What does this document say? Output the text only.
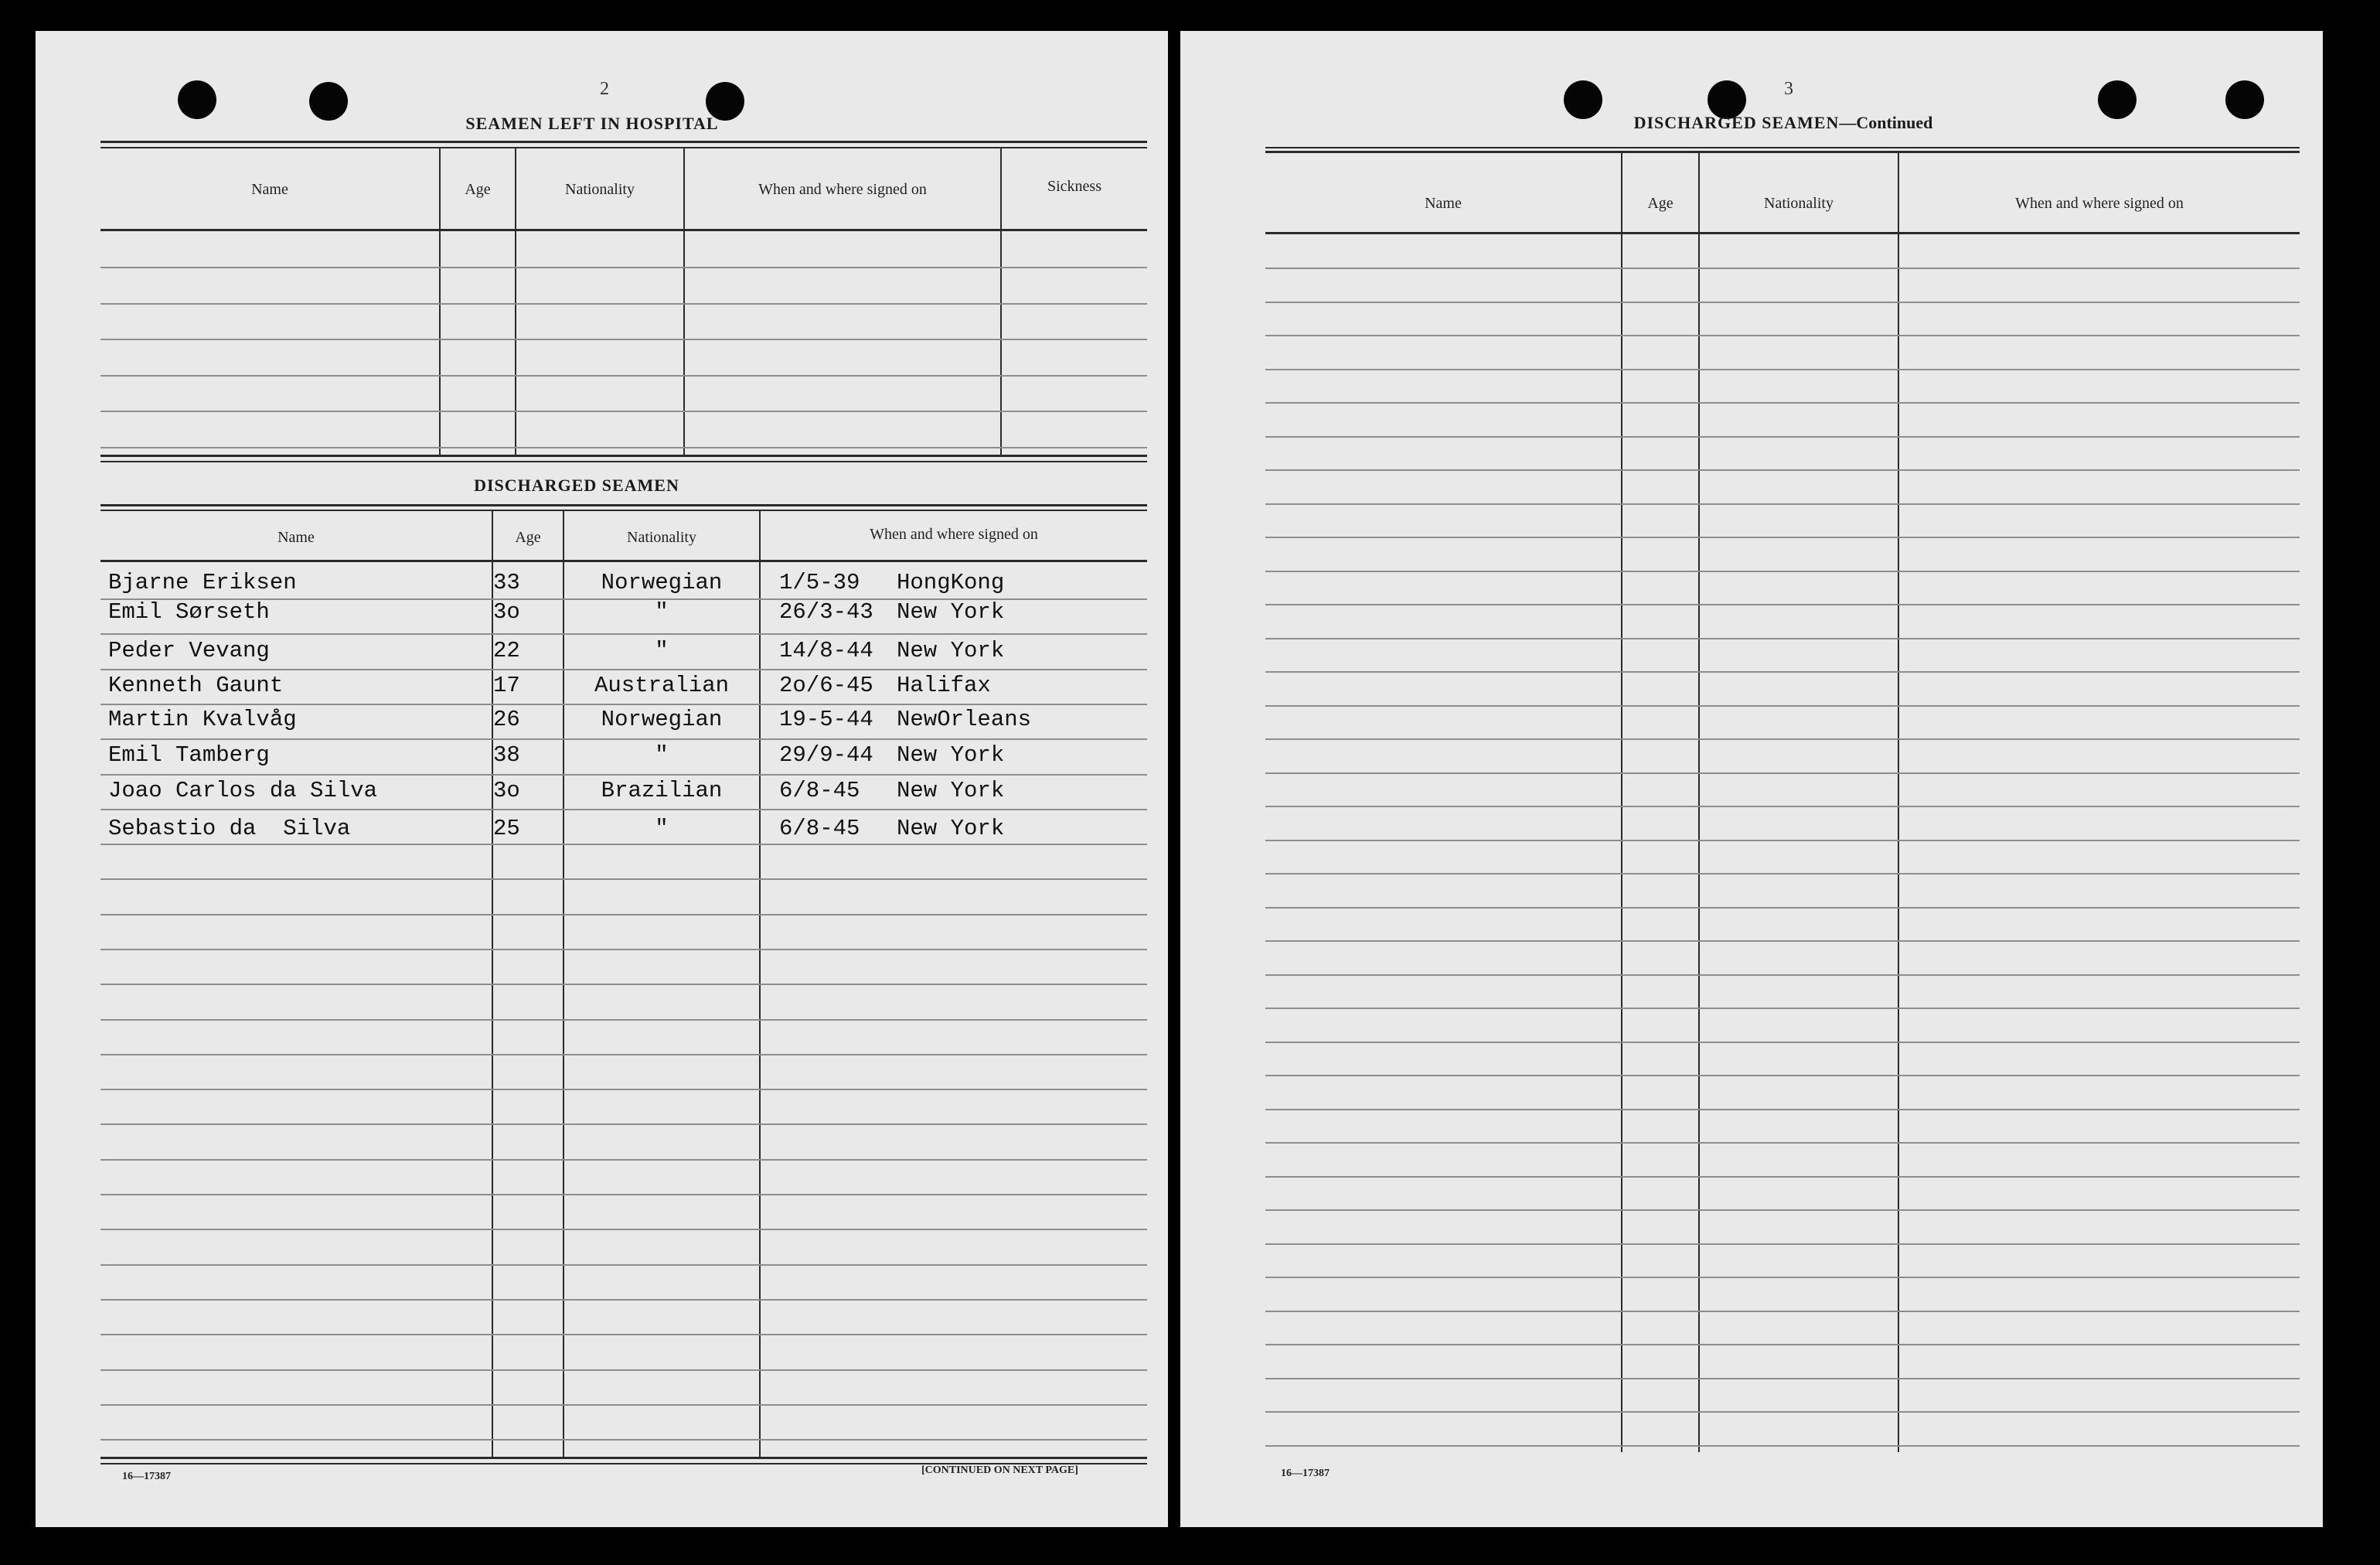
2
SEAMEN LEFT IN HOSPITAL
Name	Age	Nationality	When and where signed on	Sickness
DISCHARGED SEAMEN
Name	Age	Nationality	When and where signed on
Bjarne Eriksen	33	Norwegian	1/5-39 HongKong
Emil Sørseth	3o	"	26/3-43 New York
Peder Vevang	22	"	14/8-44 New York
Kenneth Gaunt	17	Australian	2o/6-45 Halifax
Martin Kvalvåg	26	Norwegian	19-5-44 NewOrleans
Emil Tamberg	38	"	29/9-44 New York
Joao Carlos da Silva	3o	Brazilian	6/8-45 New York
Sebastio da  Silva	25	"	6/8-45 New York
16—17387
[CONTINUED ON NEXT PAGE]
3
DISCHARGED SEAMEN—Continued
Name	Age	Nationality	When and where signed on
16—17387
